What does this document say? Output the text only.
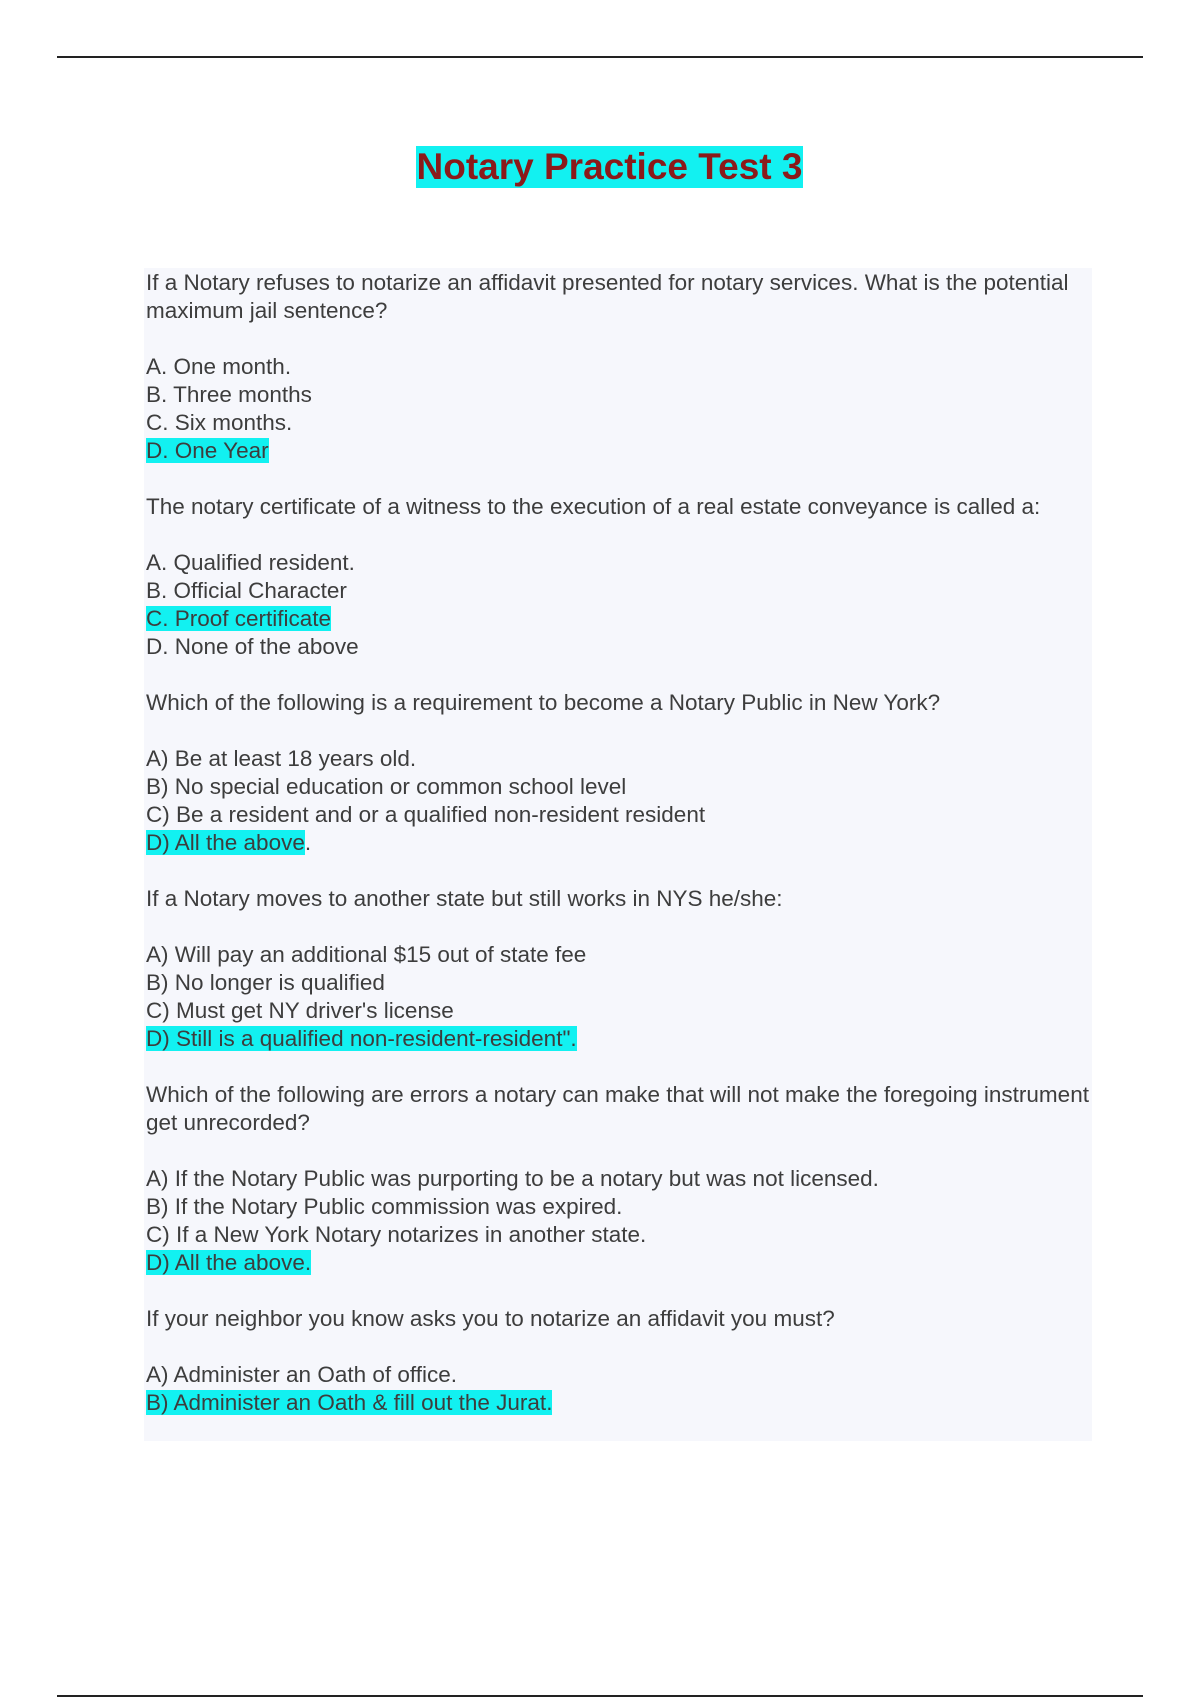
Notary Practice Test 3

If a Notary refuses to notarize an affidavit presented for notary services. What is the potential maximum jail sentence?

A. One month.
B. Three months
C. Six months.
D. One Year

The notary certificate of a witness to the execution of a real estate conveyance is called a:

A. Qualified resident.
B. Official Character
C. Proof certificate
D. None of the above

Which of the following is a requirement to become a Notary Public in New York?

A) Be at least 18 years old.
B) No special education or common school level
C) Be a resident and or a qualified non-resident resident
D) All the above.

If a Notary moves to another state but still works in NYS he/she:

A) Will pay an additional $15 out of state fee
B) No longer is qualified
C) Must get NY driver's license
D) Still is a qualified non-resident-resident".

Which of the following are errors a notary can make that will not make the foregoing instrument get unrecorded?

A) If the Notary Public was purporting to be a notary but was not licensed.
B) If the Notary Public commission was expired.
C) If a New York Notary notarizes in another state.
D) All the above.

If your neighbor you know asks you to notarize an affidavit you must?

A) Administer an Oath of office.
B) Administer an Oath & fill out the Jurat.
